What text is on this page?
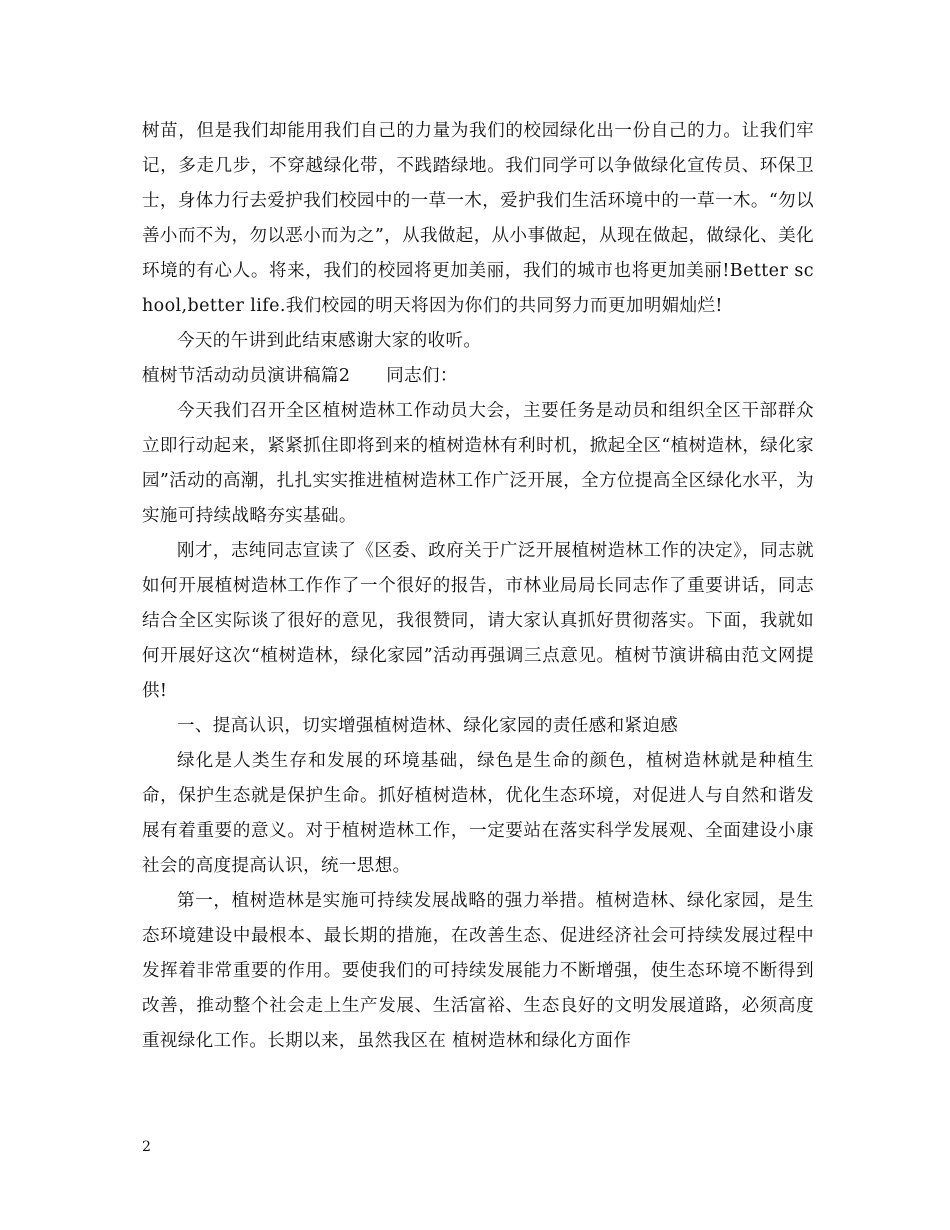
树苗，但是我们却能用我们自己的力量为我们的校园绿化出一份自己的力。让我们牢记，多走几步，不穿越绿化带，不践踏绿地。我们同学可以争做绿化宣传员、环保卫士，身体力行去爱护我们校园中的一草一木，爱护我们生活环境中的一草一木。“勿以善小而不为，勿以恶小而为之”，从我做起，从小事做起，从现在做起，做绿化、美化环境的有心人。将来，我们的校园将更加美丽，我们的城市也将更加美丽!Better school,better life.我们校园的明天将因为你们的共同努力而更加明媚灿烂!

今天的午讲到此结束感谢大家的收听。

植树节活动动员演讲稿篇2　　同志们：

今天我们召开全区植树造林工作动员大会，主要任务是动员和组织全区干部群众立即行动起来，紧紧抓住即将到来的植树造林有利时机，掀起全区“植树造林，绿化家园”活动的高潮，扎扎实实推进植树造林工作广泛开展，全方位提高全区绿化水平，为实施可持续战略夯实基础。

刚才，志纯同志宣读了《区委、政府关于广泛开展植树造林工作的决定》，同志就如何开展植树造林工作作了一个很好的报告，市林业局局长同志作了重要讲话，同志结合全区实际谈了很好的意见，我很赞同，请大家认真抓好贯彻落实。下面，我就如何开展好这次“植树造林，绿化家园”活动再强调三点意见。植树节演讲稿由范文网提供!

一、提高认识，切实增强植树造林、绿化家园的责任感和紧迫感

绿化是人类生存和发展的环境基础，绿色是生命的颜色，植树造林就是种植生命，保护生态就是保护生命。抓好植树造林，优化生态环境，对促进人与自然和谐发展有着重要的意义。对于植树造林工作，一定要站在落实科学发展观、全面建设小康社会的高度提高认识，统一思想。

第一，植树造林是实施可持续发展战略的强力举措。植树造林、绿化家园，是生态环境建设中最根本、最长期的措施，在改善生态、促进经济社会可持续发展过程中发挥着非常重要的作用。要使我们的可持续发展能力不断增强，使生态环境不断得到改善，推动整个社会走上生产发展、生活富裕、生态良好的文明发展道路，必须高度重视绿化工作。长期以来，虽然我区在 植树造林和绿化方面作

2
